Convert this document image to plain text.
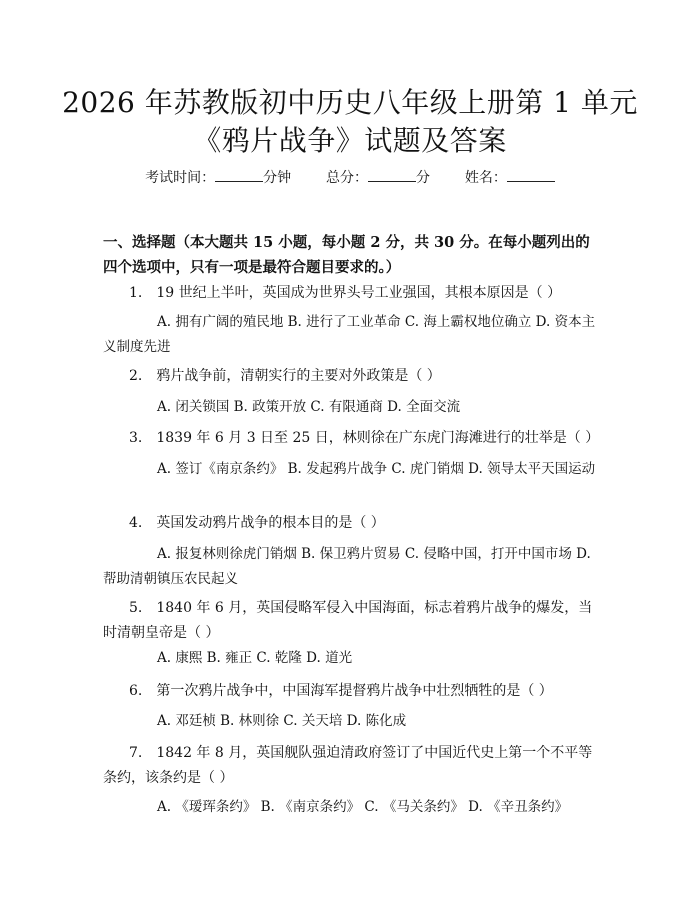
2026 年苏教版初中历史八年级上册第 1 单元
《鸦片战争》试题及答案
考试时间：	分钟 总分：	分 姓名：
一、选择题（本大题共 15 小题，每小题 2 分，共 30 分。在每小题列出的四个选项中，只有一项是最符合题目要求的。）
1.　19 世纪上半叶，英国成为世界头号工业强国，其根本原因是（ ）
A. 拥有广阔的殖民地 B. 进行了工业革命 C. 海上霸权地位确立 D. 资本主义制度先进
2.　鸦片战争前，清朝实行的主要对外政策是（ ）
A. 闭关锁国 B. 政策开放 C. 有限通商 D. 全面交流
3.　1839 年 6 月 3 日至 25 日，林则徐在广东虎门海滩进行的壮举是（ ）
A. 签订《南京条约》 B. 发起鸦片战争 C. 虎门销烟 D. 领导太平天国运动
4.　英国发动鸦片战争的根本目的是（ ）
A. 报复林则徐虎门销烟 B. 保卫鸦片贸易 C. 侵略中国，打开中国市场 D. 帮助清朝镇压农民起义
5.　1840 年 6 月，英国侵略军侵入中国海面，标志着鸦片战争的爆发，当时清朝皇帝是（ ）
A. 康熙 B. 雍正 C. 乾隆 D. 道光
6.　第一次鸦片战争中，中国海军提督鸦片战争中壮烈牺牲的是（ ）
A. 邓廷桢 B. 林则徐 C. 关天培 D. 陈化成
7.　1842 年 8 月，英国舰队强迫清政府签订了中国近代史上第一个不平等条约，该条约是（ ）
A. 《瑷珲条约》 B. 《南京条约》 C. 《马关条约》 D. 《辛丑条约》
